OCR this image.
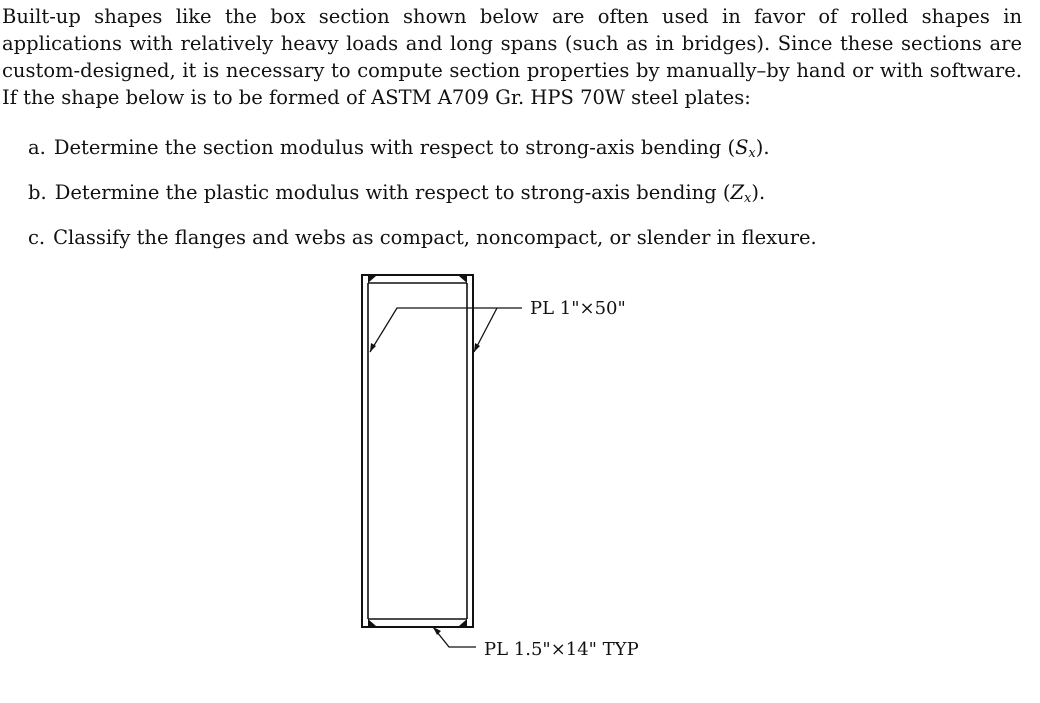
Built-up shapes like the box section shown below are often used in favor of rolled shapes in applications with relatively heavy loads and long spans (such as in bridges). Since these sections are custom-designed, it is necessary to compute section properties by manually–by hand or with software. If the shape below is to be formed of ASTM A709 Gr. HPS 70W steel plates:

a. Determine the section modulus with respect to strong-axis bending $(S_x)$.
b. Determine the plastic modulus with respect to strong-axis bending $(Z_x)$.
c. Classify the flanges and webs as compact, noncompact, or slender in flexure.
PL 1"×50"
PL 1.5"×14" TYP
